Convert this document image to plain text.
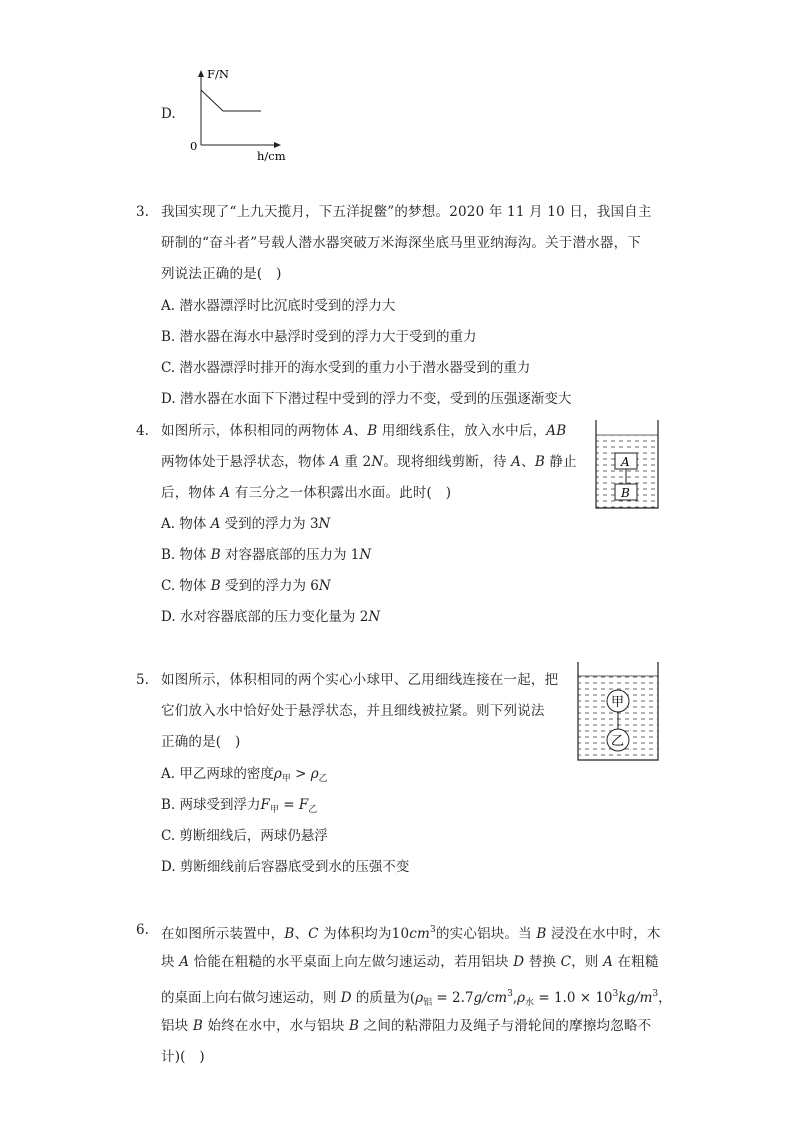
D.
F/N
0
h/cm
3. 我国实现了“上九天揽月，下五洋捉鳖”的梦想。2020 年 11 月 10 日，我国自主
研制的“奋斗者”号载人潜水器突破万米海深坐底马里亚纳海沟。关于潜水器，下
列说法正确的是(　)
A. 潜水器漂浮时比沉底时受到的浮力大
B. 潜水器在海水中悬浮时受到的浮力大于受到的重力
C. 潜水器漂浮时排开的海水受到的重力小于潜水器受到的重力
D. 潜水器在水面下下潜过程中受到的浮力不变，受到的压强逐渐变大
4. 如图所示，体积相同的两物体 A、B 用细线系住，放入水中后，AB
两物体处于悬浮状态，物体 A 重 2N。现将细线剪断，待 A、B 静止
后，物体 A 有三分之一体积露出水面。此时(　)
A. 物体 A 受到的浮力为 3N
B. 物体 B 对容器底部的压力为 1N
C. 物体 B 受到的浮力为 6N
D. 水对容器底部的压力变化量为 2N
A
B
5. 如图所示，体积相同的两个实心小球甲、乙用细线连接在一起，把
它们放入水中恰好处于悬浮状态，并且细线被拉紧。则下列说法
正确的是(　)
A. 甲乙两球的密度$\rho_甲 > \rho_乙$
B. 两球受到浮力$F_甲 = F_乙$
C. 剪断细线后，两球仍悬浮
D. 剪断细线前后容器底受到水的压强不变
甲
乙
6. 在如图所示装置中，B、C 为体积均为$10cm^3$的实心铝块。当 B 浸没在水中时，木
块 A 恰能在粗糙的水平桌面上向左做匀速运动，若用铝块 D 替换 C，则 A 在粗糙
的桌面上向右做匀速运动，则 D 的质量为($\rho_铝 = 2.7g/cm^3,\rho_水 = 1.0 \times 10^3kg/m^3$，
铝块 B 始终在水中，水与铝块 B 之间的粘滞阻力及绳子与滑轮间的摩擦均忽略不
计)(　)
